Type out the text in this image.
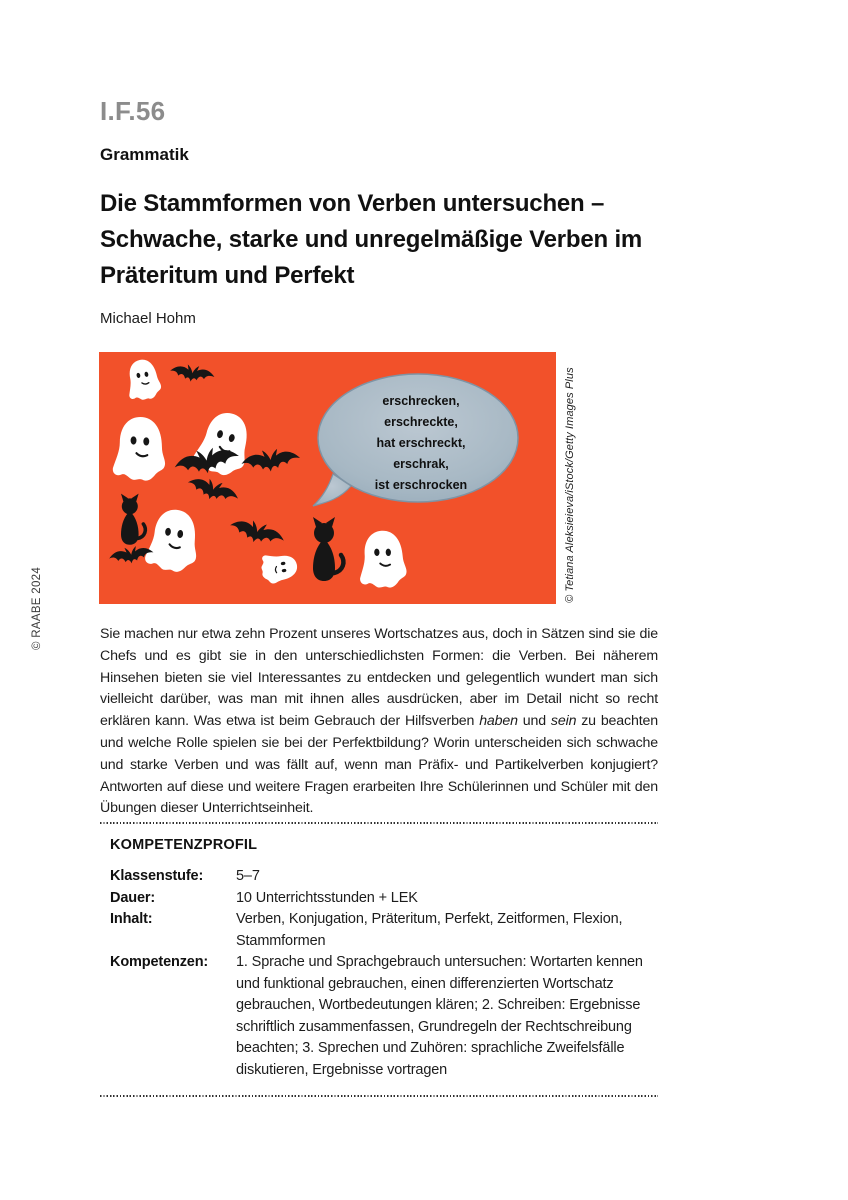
© RAABE 2024
I.F.56
Grammatik
Die Stammformen von Verben untersuchen –
Schwache, starke und unregelmäßige Verben im
Präteritum und Perfekt
Michael Hohm
erschrecken,
erschreckte,
hat erschreckt,
erschrak,
ist erschrocken	© Tetiana Aleksieieva/iStock/Getty Images Plus

Sie machen nur etwa zehn Prozent unseres Wortschatzes aus, doch in Sätzen sind sie die Chefs und es gibt sie in den unterschiedlichsten Formen: die Verben. Bei näherem Hinsehen bieten sie viel Interessantes zu entdecken und gelegentlich wundert man sich vielleicht darüber, was man mit ihnen alles ausdrücken, aber im Detail nicht so recht erklären kann. Was etwa ist beim Gebrauch der Hilfsverben haben und sein zu beachten und welche Rolle spielen sie bei der Perfektbildung? Worin unterscheiden sich schwache und starke Verben und was fällt auf, wenn man Präfix- und Partikelverben konjugiert? Antworten auf diese und weitere Fragen erarbeiten Ihre Schülerinnen und Schüler mit den Übungen dieser Unterrichtseinheit.

KOMPETENZPROFIL
Klassenstufe:	5–7
Dauer:	10 Unterrichtsstunden + LEK
Inhalt:	Verben, Konjugation, Präteritum, Perfekt, Zeitformen, Flexion, Stammformen
Kompetenzen:	1. Sprache und Sprachgebrauch untersuchen: Wortarten kennen und funktional gebrauchen, einen differenzierten Wortschatz gebrauchen, Wortbedeutungen klären; 2. Schreiben: Ergebnisse schriftlich zusammenfassen, Grundregeln der Rechtschreibung beachten; 3. Sprechen und Zuhören: sprachliche Zweifelsfälle diskutieren, Ergebnisse vortragen
